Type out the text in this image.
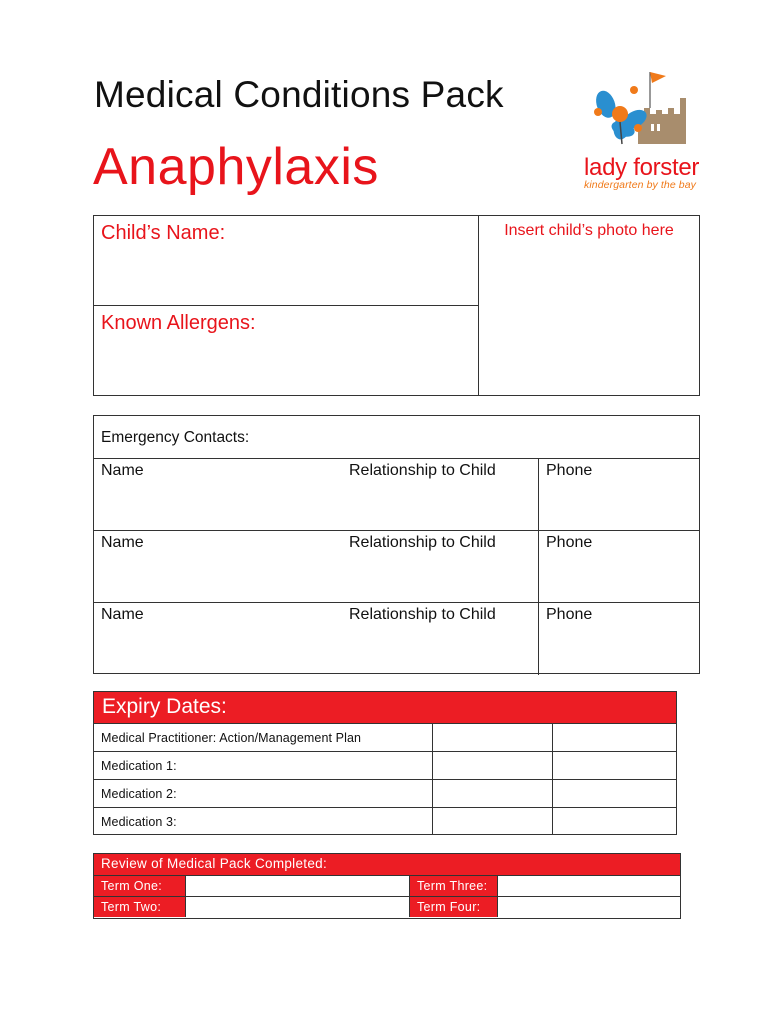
Medical Conditions Pack
Anaphylaxis	lady forster
kindergarten by the bay
Child’s Name:
Known Allergens:
Insert child’s photo here
Emergency Contacts:
Name	Relationship to Child	Phone
Name	Relationship to Child	Phone
Name	Relationship to Child	Phone
Expiry Dates:
Medical Practitioner: Action/Management Plan
Medication 1:
Medication 2:
Medication 3:
Review of Medical Pack Completed:
Term One:	Term Three:
Term Two:	Term Four:
